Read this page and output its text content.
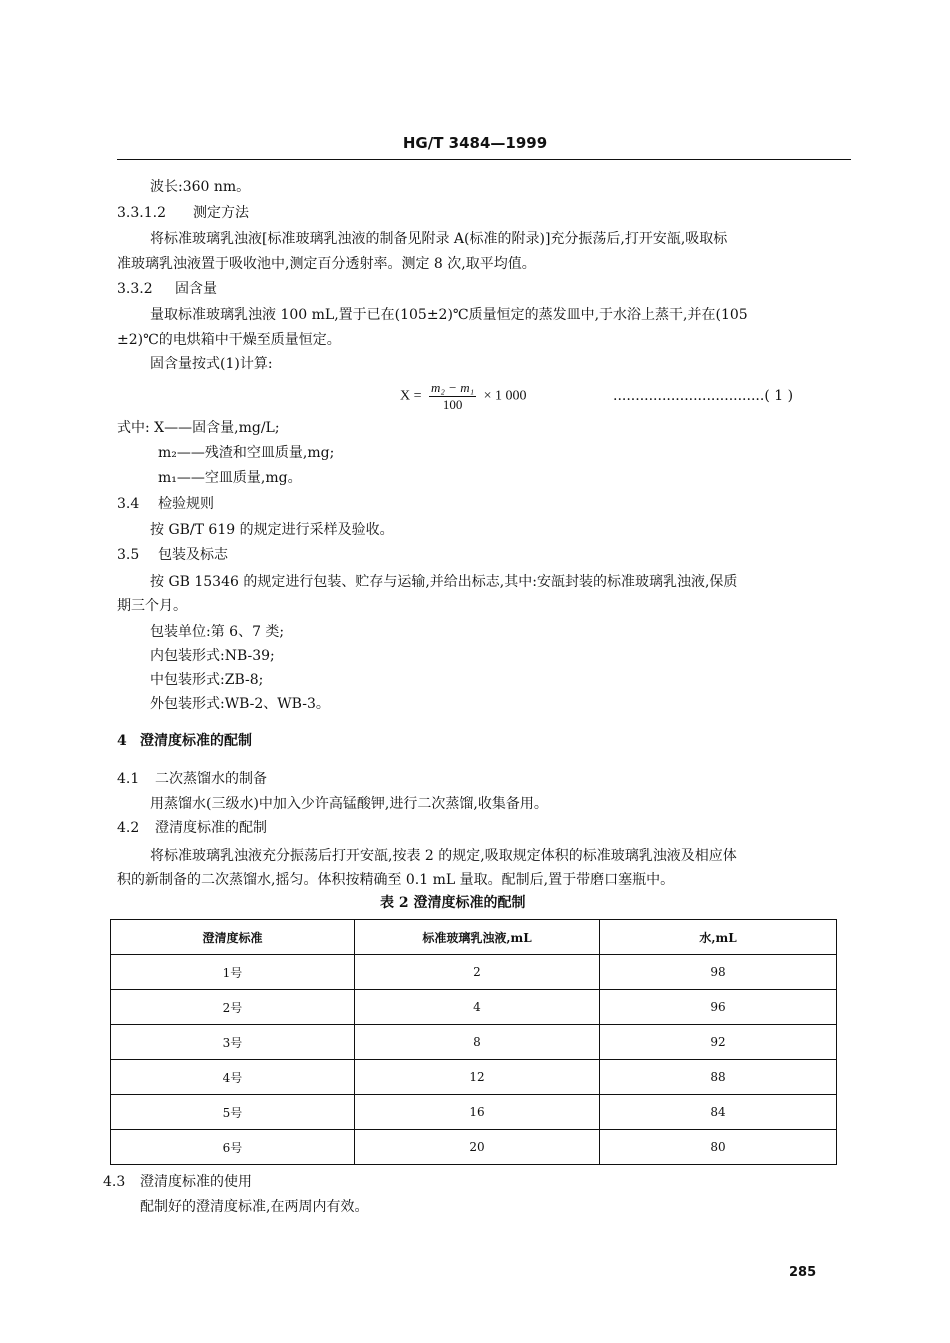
HG/T 3484—1999
波长:360 nm。
3.3.1.2 测定方法
将标准玻璃乳浊液[标准玻璃乳浊液的制备见附录 A(标准的附录)]充分振荡后,打开安瓿,吸取标
准玻璃乳浊液置于吸收池中,测定百分透射率。测定 8 次,取平均值。
3.3.2 固含量
量取标准玻璃乳浊液 100 mL,置于已在(105±2)℃质量恒定的蒸发皿中,于水浴上蒸干,并在(105
±2)℃的电烘箱中干燥至质量恒定。
固含量按式(1)计算:
$X = \frac{\text{m₂ − m₁}}{100} \times 1$ 000	..................................( 1 )
式中: X——固含量,mg/L;
m₂——残渣和空皿质量,mg;
m₁——空皿质量,mg。
3.4 检验规则
按 GB/T 619 的规定进行采样及验收。
3.5 包装及标志
按 GB 15346 的规定进行包装、贮存与运输,并给出标志,其中:安瓿封装的标准玻璃乳浊液,保质
期三个月。
包装单位:第 6、7 类;
内包装形式:NB-39;
中包装形式:ZB-8;
外包装形式:WB-2、WB-3。
4 澄清度标准的配制
4.1 二次蒸馏水的制备
用蒸馏水(三级水)中加入少许高锰酸钾,进行二次蒸馏,收集备用。
4.2 澄清度标准的配制
将标准玻璃乳浊液充分振荡后打开安瓿,按表 2 的规定,吸取规定体积的标准玻璃乳浊液及相应体
积的新制备的二次蒸馏水,摇匀。体积按精确至 0.1 mL 量取。配制后,置于带磨口塞瓶中。
表 2 澄清度标准的配制
澄清度标准	标准玻璃乳浊液,mL	水,mL
1号	2	98
2号	4	96
3号	8	92
4号	12	88
5号	16	84
6号	20	80
4.3 澄清度标准的使用
配制好的澄清度标准,在两周内有效。
285
